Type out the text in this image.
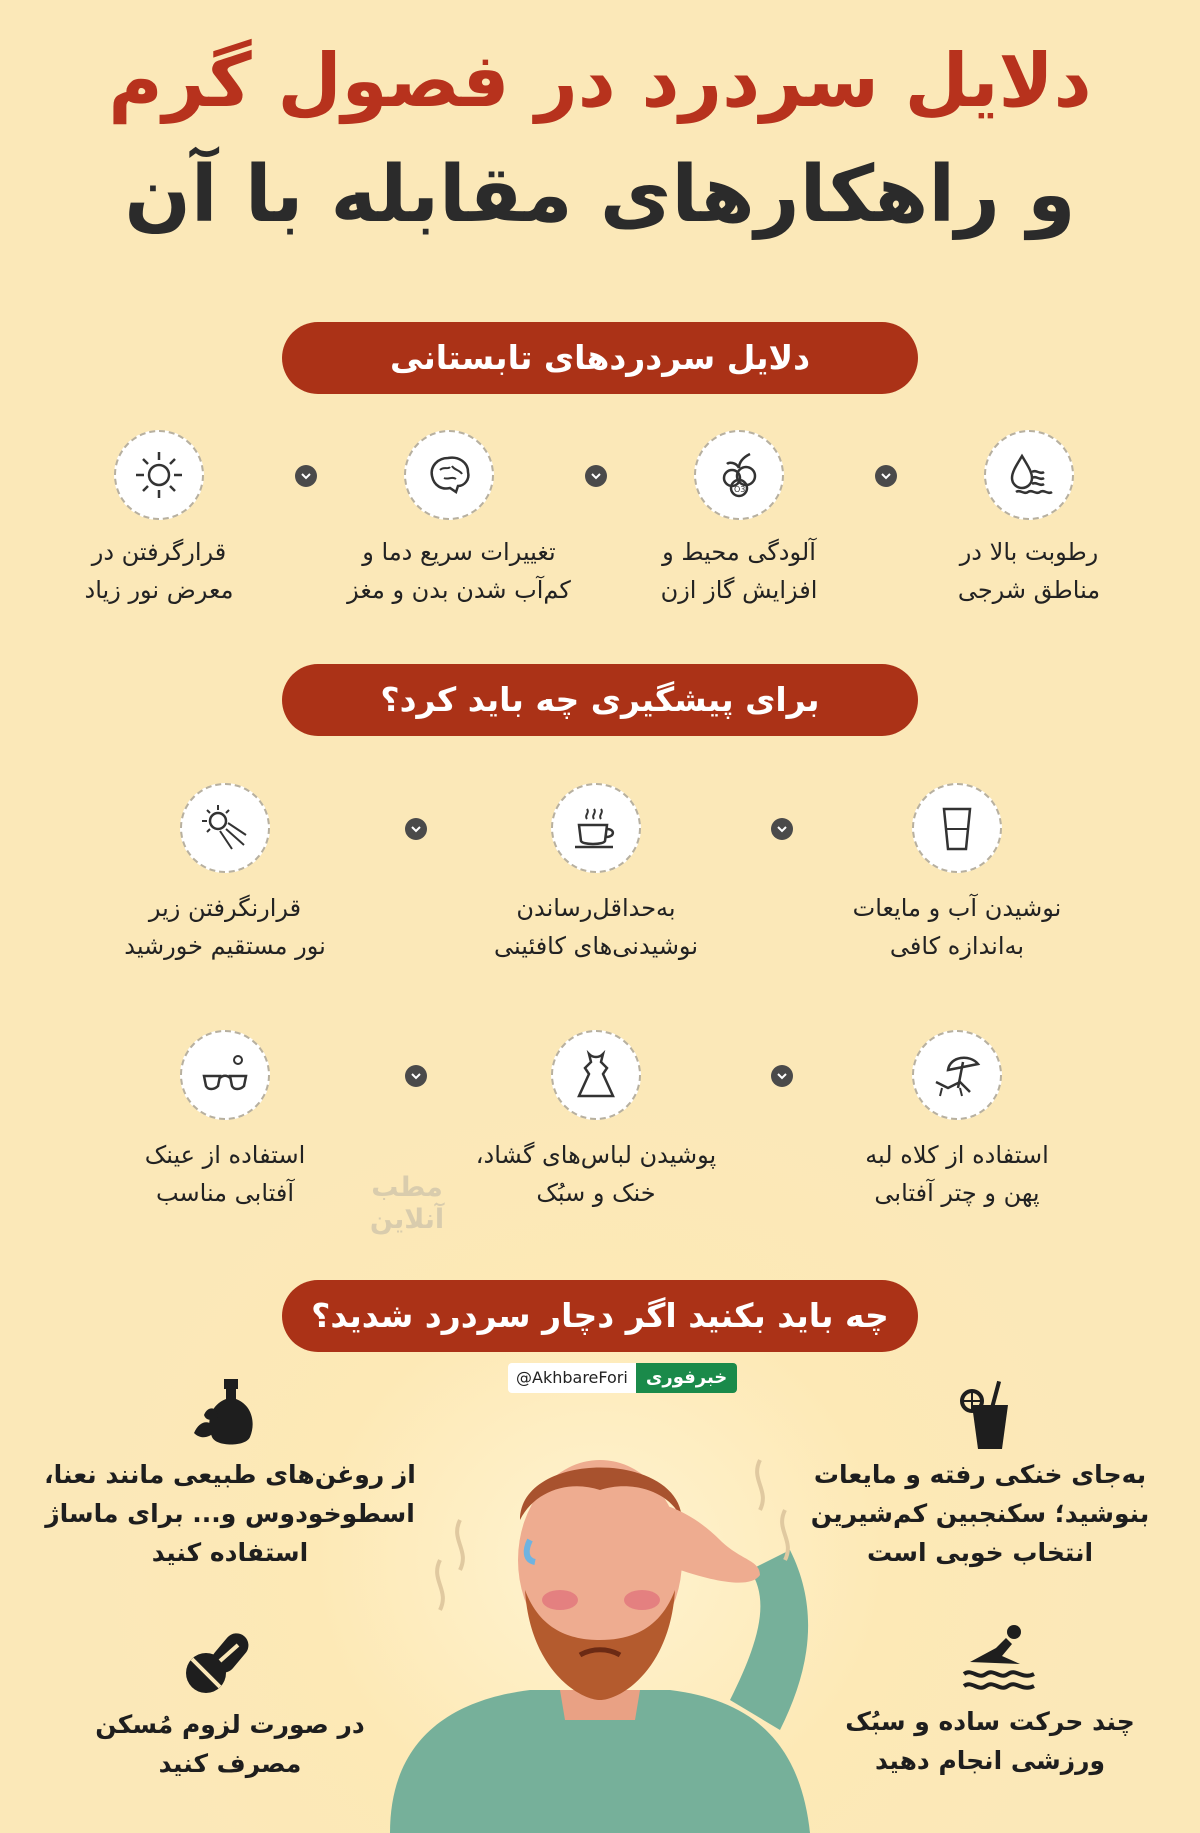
دلایل سردرد در فصول گرم
و راهکارهای مقابله با آن
دلایل سردردهای تابستانی
رطوبت بالا در
مناطق شرجی
O3
آلودگی محیط و
افزایش گاز ازن
تغییرات سریع دما و
کم‌آب شدن بدن و مغز
قرارگرفتن در
معرض نور زیاد
برای پیشگیری چه باید کرد؟
نوشیدن آب و مایعات
به‌اندازه کافی
به‌حداقل‌رساندن
نوشیدنی‌های کافئینی
قرارنگرفتن زیر
نور مستقیم خورشید
استفاده از کلاه لبه
پهن و چتر آفتابی
پوشیدن لباس‌های گشاد،
خنک و سبُک
استفاده از عینک
آفتابی مناسب	مطب
آنلاین
چه باید بکنید اگر دچار سردرد شدید؟
@AkhbareFori	خبرفوری
به‌جای خنکی رفته و مایعات
بنوشید؛ سکنجبین کم‌شیرین
انتخاب خوبی است
از روغن‌های طبیعی مانند نعنا،
اسطوخودوس و... برای ماساژ
استفاده کنید
چند حرکت ساده و سبُک
ورزشی انجام دهید
در صورت لزوم مُسکن
مصرف کنید
